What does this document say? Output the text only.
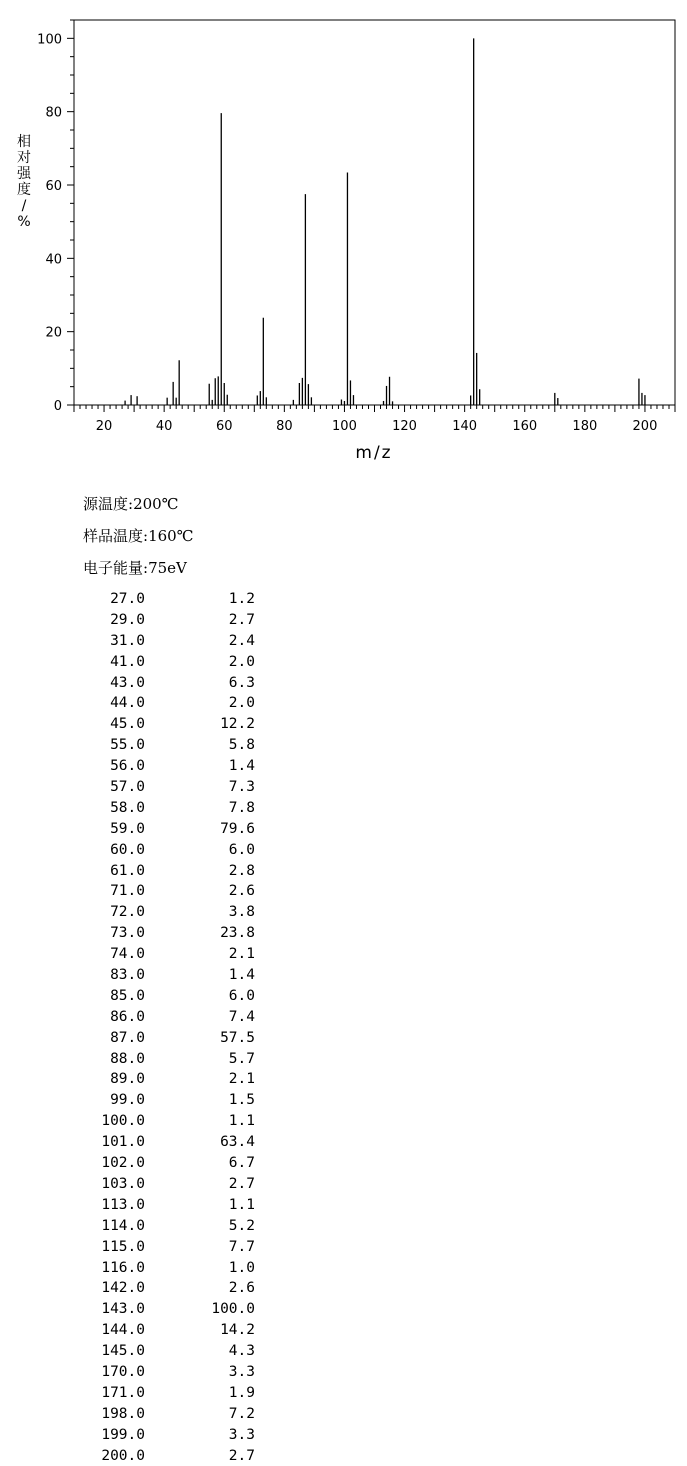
20	40	60	80	100	120	140	160	180	200
0
20
40
60
80
100
相对强度/ %
m/z
源温度:200℃
样品温度:160℃
电子能量:75eV
27.0	1.2
29.0	2.7
31.0	2.4
41.0	2.0
43.0	6.3
44.0	2.0
45.0	12.2
55.0	5.8
56.0	1.4
57.0	7.3
58.0	7.8
59.0	79.6
60.0	6.0
61.0	2.8
71.0	2.6
72.0	3.8
73.0	23.8
74.0	2.1
83.0	1.4
85.0	6.0
86.0	7.4
87.0	57.5
88.0	5.7
89.0	2.1
99.0	1.5
100.0	1.1
101.0	63.4
102.0	6.7
103.0	2.7
113.0	1.1
114.0	5.2
115.0	7.7
116.0	1.0
142.0	2.6
143.0	100.0
144.0	14.2
145.0	4.3
170.0	3.3
171.0	1.9
198.0	7.2
199.0	3.3
200.0	2.7
